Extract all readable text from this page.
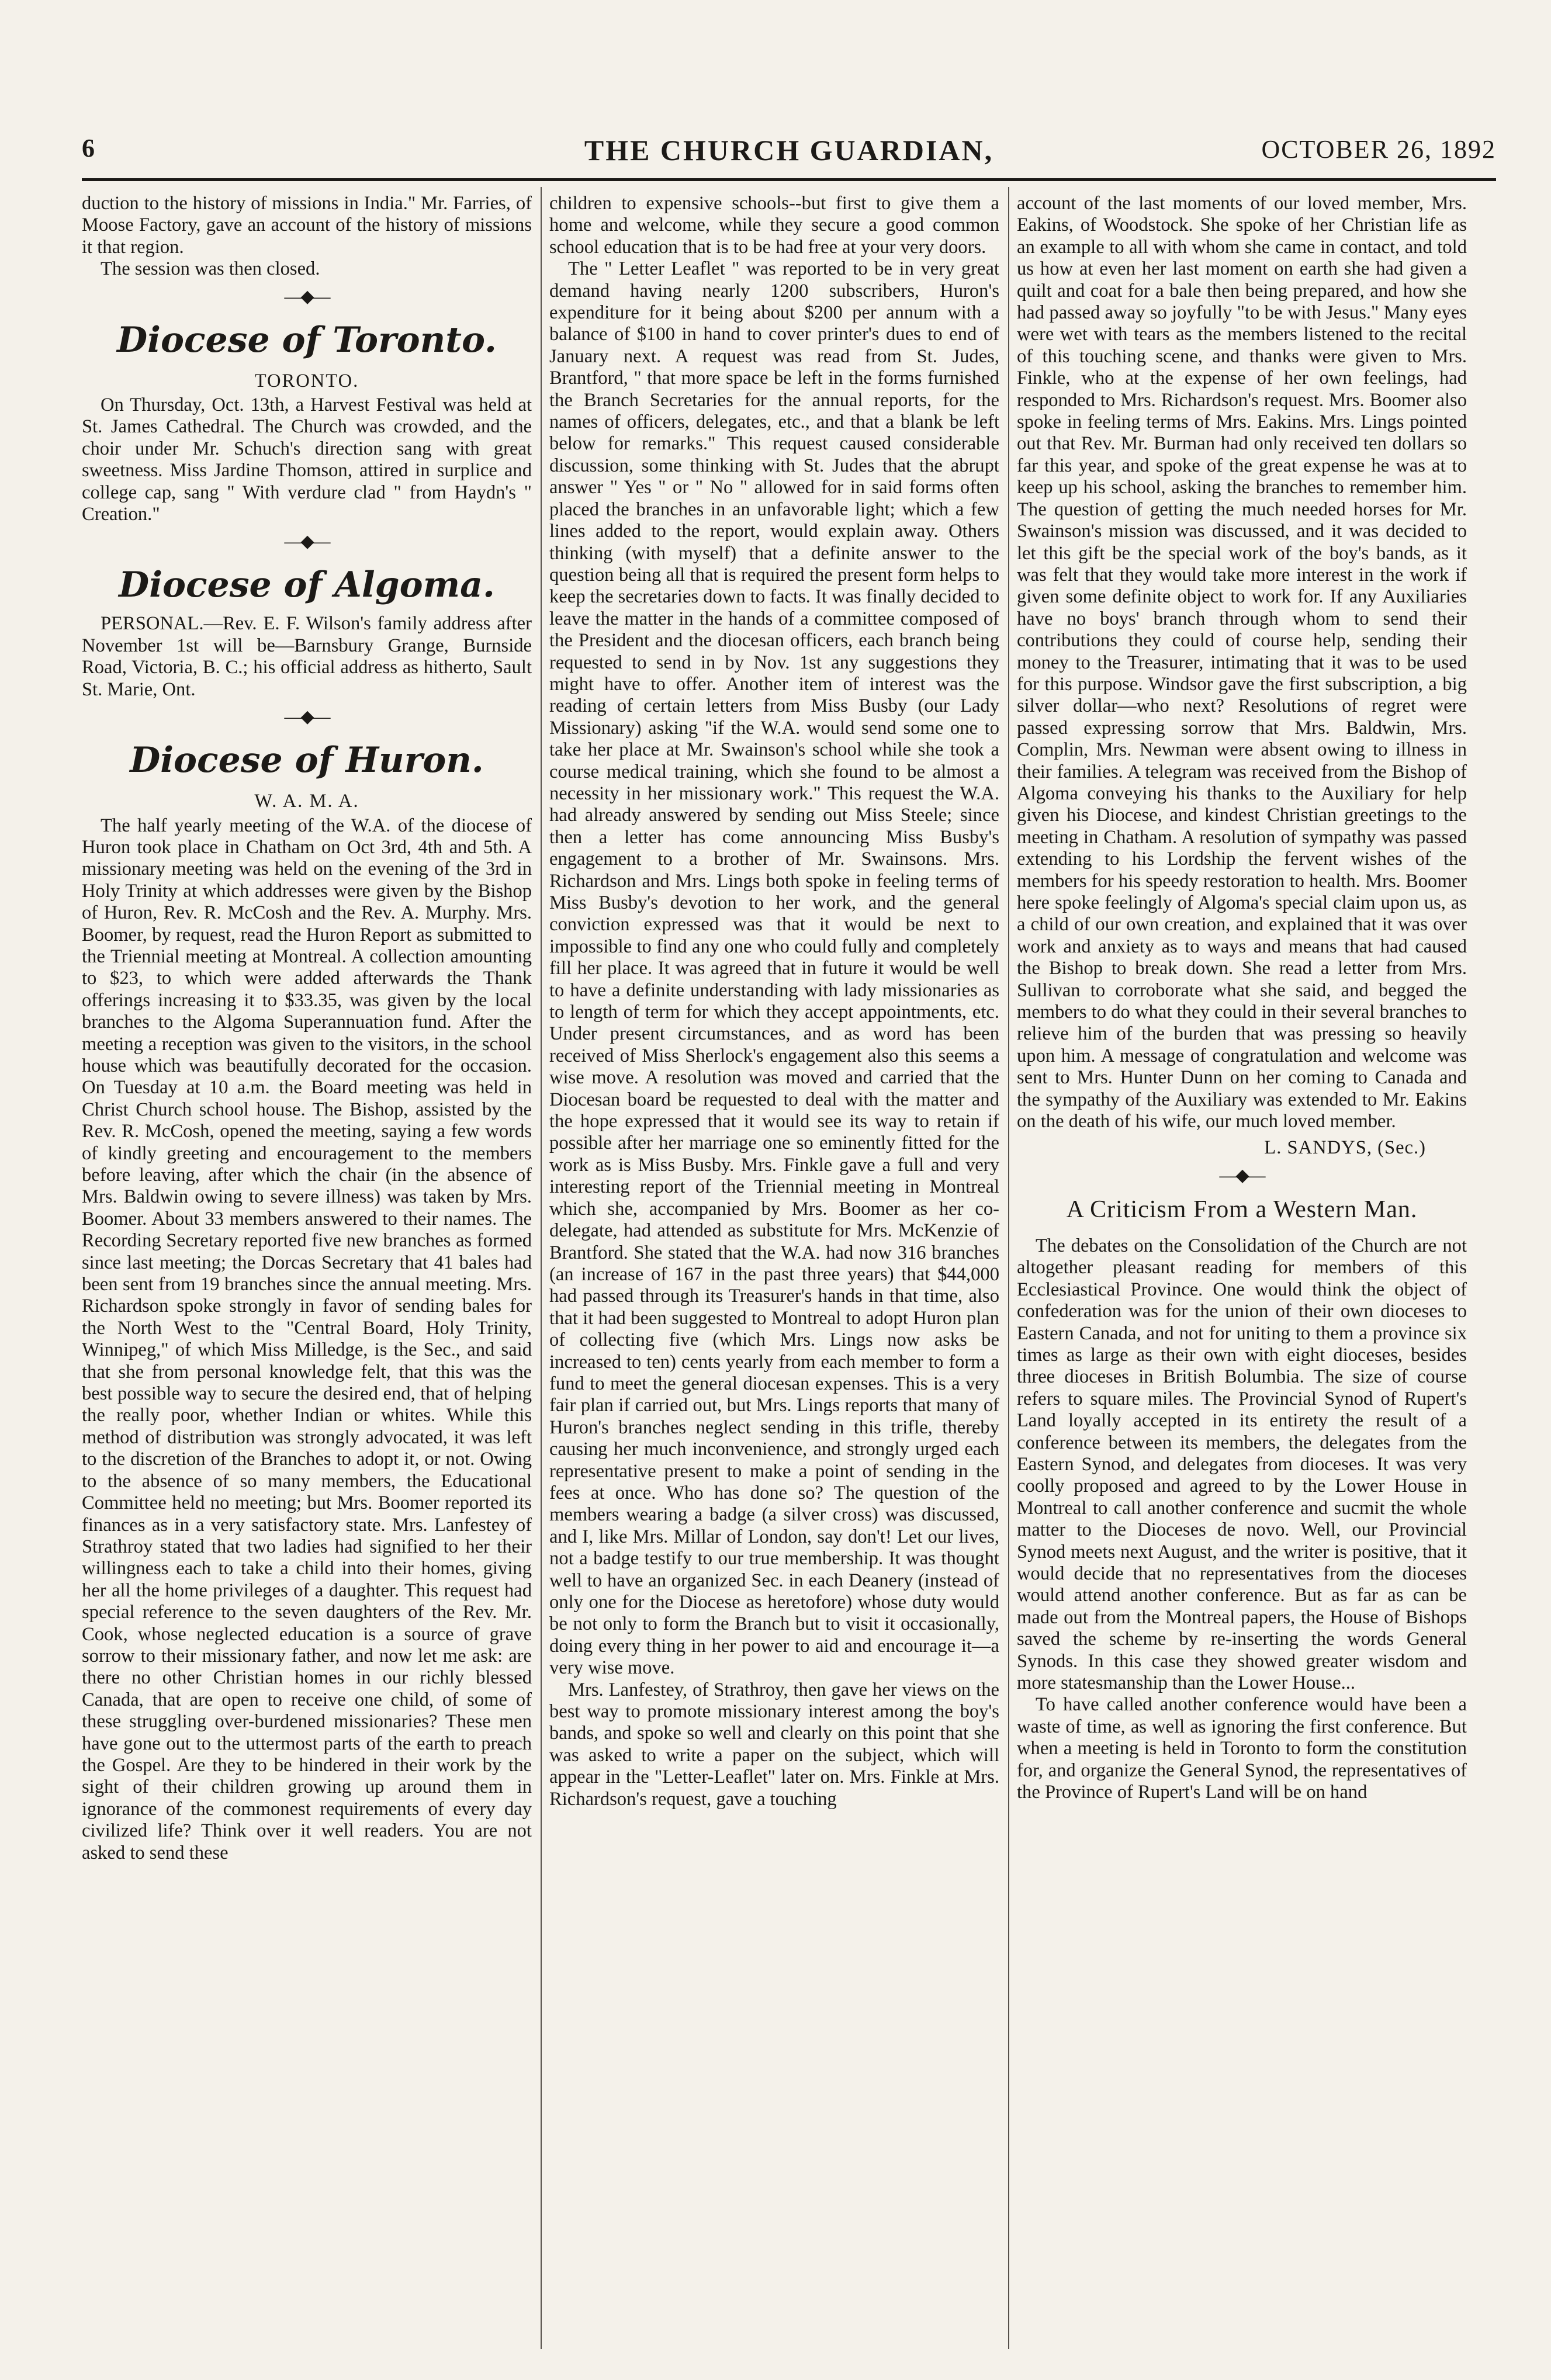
6	THE CHURCH GUARDIAN,	OCTOBER 26, 1892

duction to the history of missions in India." Mr. Farries, of Moose Factory, gave an account of the history of missions it that region.

The session was then closed.

—◆—
Diocese of Toronto.
TORONTO.

On Thursday, Oct. 13th, a Harvest Festival was held at St. James Cathedral. The Church was crowded, and the choir under Mr. Schuch's direction sang with great sweetness. Miss Jardine Thomson, attired in surplice and college cap, sang " With verdure clad " from Haydn's " Creation."

—◆—
Diocese of Algoma.

PERSONAL.—Rev. E. F. Wilson's family address after November 1st will be—Barnsbury Grange, Burnside Road, Victoria, B. C.; his official address as hitherto, Sault St. Marie, Ont.

—◆—
Diocese of Huron.
W. A. M. A.

The half yearly meeting of the W.A. of the diocese of Huron took place in Chatham on Oct 3rd, 4th and 5th. A missionary meeting was held on the evening of the 3rd in Holy Trinity at which addresses were given by the Bishop of Huron, Rev. R. McCosh and the Rev. A. Murphy. Mrs. Boomer, by request, read the Huron Report as submitted to the Triennial meeting at Montreal. A collection amounting to $23, to which were added afterwards the Thank offerings increasing it to $33.35, was given by the local branches to the Algoma Superannuation fund. After the meeting a reception was given to the visitors, in the school house which was beautifully decorated for the occasion. On Tuesday at 10 a.m. the Board meeting was held in Christ Church school house. The Bishop, assisted by the Rev. R. McCosh, opened the meeting, saying a few words of kindly greeting and encouragement to the members before leaving, after which the chair (in the absence of Mrs. Baldwin owing to severe illness) was taken by Mrs. Boomer. About 33 members answered to their names. The Recording Secretary reported five new branches as formed since last meeting; the Dorcas Secretary that 41 bales had been sent from 19 branches since the annual meeting. Mrs. Richardson spoke strongly in favor of sending bales for the North West to the "Central Board, Holy Trinity, Winnipeg," of which Miss Milledge, is the Sec., and said that she from personal knowledge felt, that this was the best possible way to secure the desired end, that of helping the really poor, whether Indian or whites. While this method of distribution was strongly advocated, it was left to the discretion of the Branches to adopt it, or not. Owing to the absence of so many members, the Educational Committee held no meeting; but Mrs. Boomer reported its finances as in a very satisfactory state. Mrs. Lanfestey of Strathroy stated that two ladies had signified to her their willingness each to take a child into their homes, giving her all the home privileges of a daughter. This request had special reference to the seven daughters of the Rev. Mr. Cook, whose neglected education is a source of grave sorrow to their missionary father, and now let me ask: are there no other Christian homes in our richly blessed Canada, that are open to receive one child, of some of these struggling over-burdened missionaries? These men have gone out to the uttermost parts of the earth to preach the Gospel. Are they to be hindered in their work by the sight of their children growing up around them in ignorance of the commonest requirements of every day civilized life? Think over it well readers. You are not asked to send these

children to expensive schools--but first to give them a home and welcome, while they secure a good common school education that is to be had free at your very doors.

The " Letter Leaflet " was reported to be in very great demand having nearly 1200 subscribers, Huron's expenditure for it being about $200 per annum with a balance of $100 in hand to cover printer's dues to end of January next. A request was read from St. Judes, Brantford, " that more space be left in the forms furnished the Branch Secretaries for the annual reports, for the names of officers, delegates, etc., and that a blank be left below for remarks." This request caused considerable discussion, some thinking with St. Judes that the abrupt answer " Yes " or " No " allowed for in said forms often placed the branches in an unfavorable light; which a few lines added to the report, would explain away. Others thinking (with myself) that a definite answer to the question being all that is required the present form helps to keep the secretaries down to facts. It was finally decided to leave the matter in the hands of a committee composed of the President and the diocesan officers, each branch being requested to send in by Nov. 1st any suggestions they might have to offer. Another item of interest was the reading of certain letters from Miss Busby (our Lady Missionary) asking "if the W.A. would send some one to take her place at Mr. Swainson's school while she took a course medical training, which she found to be almost a necessity in her missionary work." This request the W.A. had already answered by sending out Miss Steele; since then a letter has come announcing Miss Busby's engagement to a brother of Mr. Swainsons. Mrs. Richardson and Mrs. Lings both spoke in feeling terms of Miss Busby's devotion to her work, and the general conviction expressed was that it would be next to impossible to find any one who could fully and completely fill her place. It was agreed that in future it would be well to have a definite understanding with lady missionaries as to length of term for which they accept appointments, etc. Under present circumstances, and as word has been received of Miss Sherlock's engagement also this seems a wise move. A resolution was moved and carried that the Diocesan board be requested to deal with the matter and the hope expressed that it would see its way to retain if possible after her marriage one so eminently fitted for the work as is Miss Busby. Mrs. Finkle gave a full and very interesting report of the Triennial meeting in Montreal which she, accompanied by Mrs. Boomer as her co-delegate, had attended as substitute for Mrs. McKenzie of Brantford. She stated that the W.A. had now 316 branches (an increase of 167 in the past three years) that $44,000 had passed through its Treasurer's hands in that time, also that it had been suggested to Montreal to adopt Huron plan of collecting five (which Mrs. Lings now asks be increased to ten) cents yearly from each member to form a fund to meet the general diocesan expenses. This is a very fair plan if carried out, but Mrs. Lings reports that many of Huron's branches neglect sending in this trifle, thereby causing her much inconvenience, and strongly urged each representative present to make a point of sending in the fees at once. Who has done so? The question of the members wearing a badge (a silver cross) was discussed, and I, like Mrs. Millar of London, say don't! Let our lives, not a badge testify to our true membership. It was thought well to have an organized Sec. in each Deanery (instead of only one for the Diocese as heretofore) whose duty would be not only to form the Branch but to visit it occasionally, doing every thing in her power to aid and encourage it—a very wise move.

Mrs. Lanfestey, of Strathroy, then gave her views on the best way to promote missionary interest among the boy's bands, and spoke so well and clearly on this point that she was asked to write a paper on the subject, which will appear in the "Letter-Leaflet" later on. Mrs. Finkle at Mrs. Richardson's request, gave a touching

account of the last moments of our loved member, Mrs. Eakins, of Woodstock. She spoke of her Christian life as an example to all with whom she came in contact, and told us how at even her last moment on earth she had given a quilt and coat for a bale then being prepared, and how she had passed away so joyfully "to be with Jesus." Many eyes were wet with tears as the members listened to the recital of this touching scene, and thanks were given to Mrs. Finkle, who at the expense of her own feelings, had responded to Mrs. Richardson's request. Mrs. Boomer also spoke in feeling terms of Mrs. Eakins. Mrs. Lings pointed out that Rev. Mr. Burman had only received ten dollars so far this year, and spoke of the great expense he was at to keep up his school, asking the branches to remember him. The question of getting the much needed horses for Mr. Swainson's mission was discussed, and it was decided to let this gift be the special work of the boy's bands, as it was felt that they would take more interest in the work if given some definite object to work for. If any Auxiliaries have no boys' branch through whom to send their contributions they could of course help, sending their money to the Treasurer, intimating that it was to be used for this purpose. Windsor gave the first subscription, a big silver dollar—who next? Resolutions of regret were passed expressing sorrow that Mrs. Baldwin, Mrs. Complin, Mrs. Newman were absent owing to illness in their families. A telegram was received from the Bishop of Algoma conveying his thanks to the Auxiliary for help given his Diocese, and kindest Christian greetings to the meeting in Chatham. A resolution of sympathy was passed extending to his Lordship the fervent wishes of the members for his speedy restoration to health. Mrs. Boomer here spoke feelingly of Algoma's special claim upon us, as a child of our own creation, and explained that it was over work and anxiety as to ways and means that had caused the Bishop to break down. She read a letter from Mrs. Sullivan to corroborate what she said, and begged the members to do what they could in their several branches to relieve him of the burden that was pressing so heavily upon him. A message of congratulation and welcome was sent to Mrs. Hunter Dunn on her coming to Canada and the sympathy of the Auxiliary was extended to Mr. Eakins on the death of his wife, our much loved member.

L. SANDYS, (Sec.)
—◆—
A Criticism From a Western Man.

The debates on the Consolidation of the Church are not altogether pleasant reading for members of this Ecclesiastical Province. One would think the object of confederation was for the union of their own dioceses to Eastern Canada, and not for uniting to them a province six times as large as their own with eight dioceses, besides three dioceses in British Bolumbia. The size of course refers to square miles. The Provincial Synod of Rupert's Land loyally accepted in its entirety the result of a conference between its members, the delegates from the Eastern Synod, and delegates from dioceses. It was very coolly proposed and agreed to by the Lower House in Montreal to call another conference and sucmit the whole matter to the Dioceses de novo. Well, our Provincial Synod meets next August, and the writer is positive, that it would decide that no representatives from the dioceses would attend another conference. But as far as can be made out from the Montreal papers, the House of Bishops saved the scheme by re-inserting the words General Synods. In this case they showed greater wisdom and more statesmanship than the Lower House...

To have called another conference would have been a waste of time, as well as ignoring the first conference. But when a meeting is held in Toronto to form the constitution for, and organize the General Synod, the representatives of the Province of Rupert's Land will be on hand
